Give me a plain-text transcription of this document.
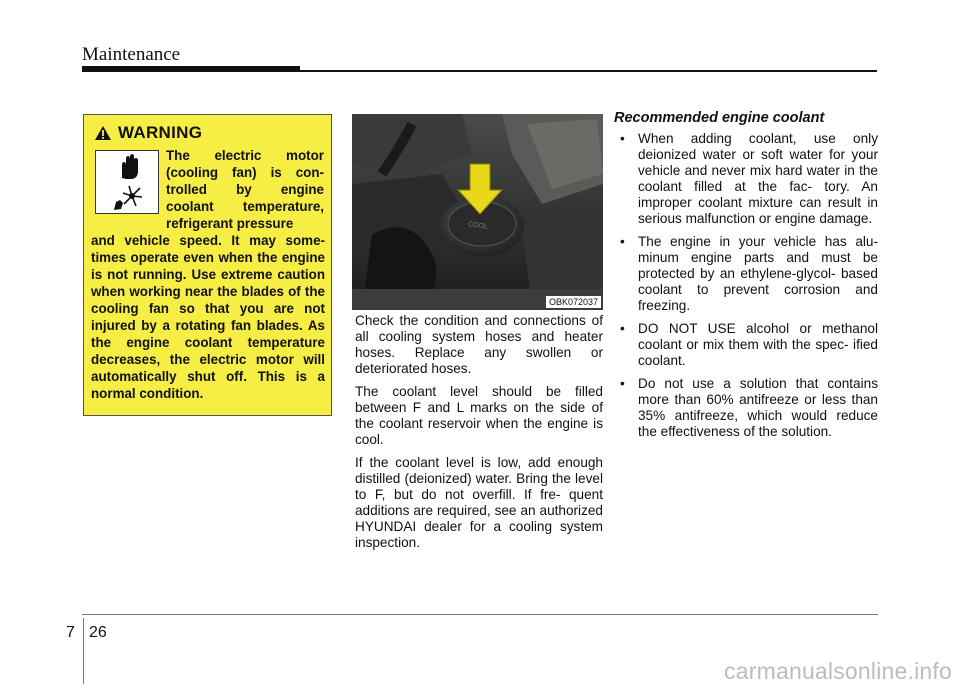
Maintenance
WARNING
The electric motor (cooling fan) is con- trolled by engine coolant temperature, refrigerant pressure
and vehicle speed. It may some- times operate even when the engine is not running. Use extreme caution when working near the blades of the cooling fan so that you are not injured by a rotating fan blades. As the engine coolant temperature decreases, the electric motor will automatically shut off. This is a normal condition.
COOL
OBK072037

Check the condition and connections of all cooling system hoses and heater hoses. Replace any swollen or deteriorated hoses.

The coolant level should be filled between F and L marks on the side of the coolant reservoir when the engine is cool.

If the coolant level is low, add enough distilled (deionized) water. Bring the level to F, but do not overfill. If fre- quent additions are required, see an authorized HYUNDAI dealer for a cooling system inspection.

Recommended engine coolant
• When adding coolant, use only deionized water or soft water for your vehicle and never mix hard water in the coolant filled at the fac- tory. An improper coolant mixture can result in serious malfunction or engine damage.
• The engine in your vehicle has alu- minum engine parts and must be protected by an ethylene-glycol- based coolant to prevent corrosion and freezing.
• DO NOT USE alcohol or methanol coolant or mix them with the spec- ified coolant.
• Do not use a solution that contains more than 60% antifreeze or less than 35% antifreeze, which would reduce the effectiveness of the solution.
7 26
carmanualsonline.info
